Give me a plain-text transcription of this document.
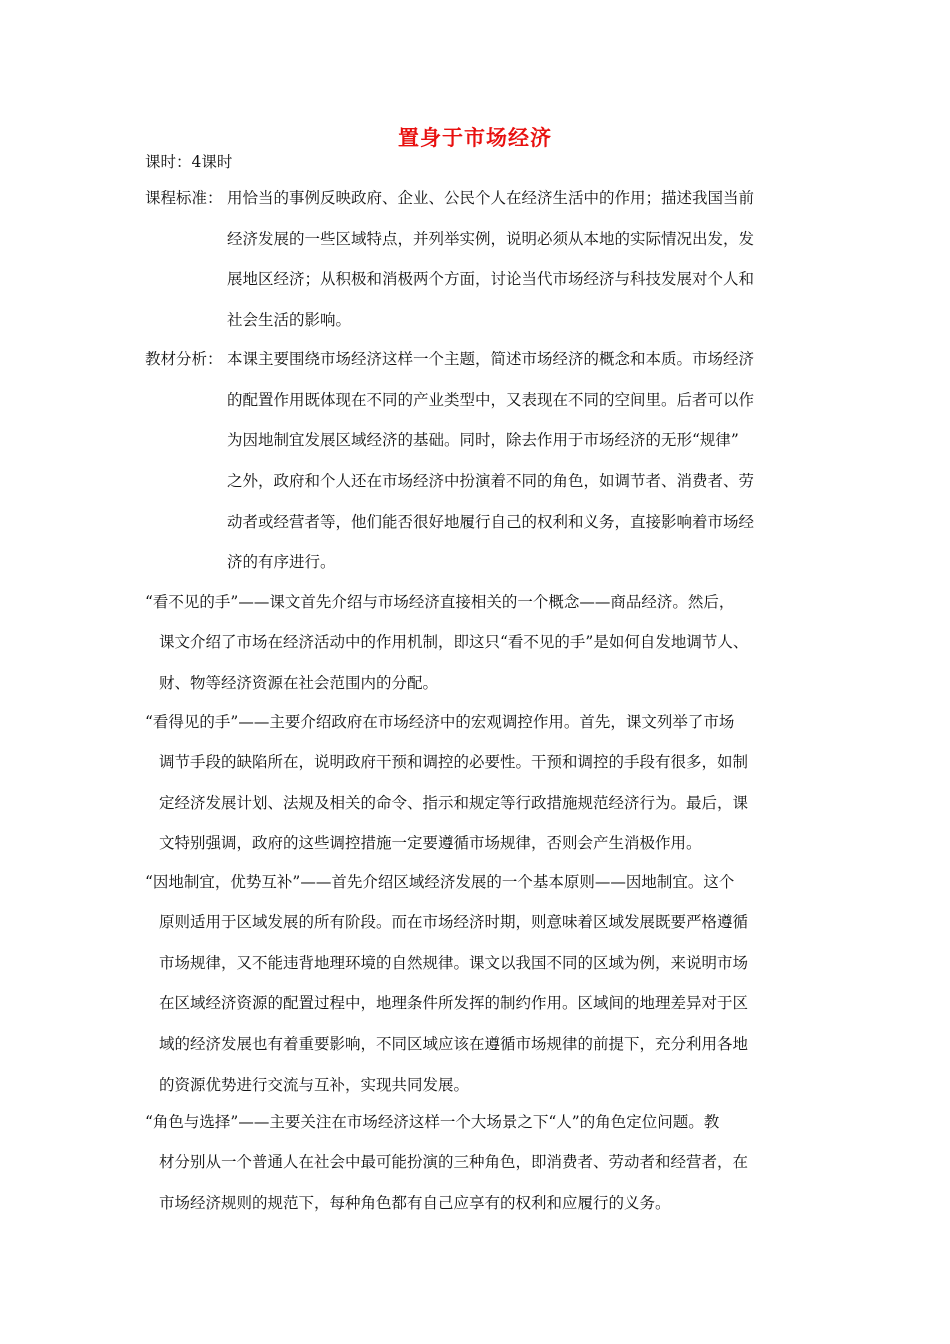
置身于市场经济
课时：4课时
课程标准： 用恰当的事例反映政府、企业、公民个人在经济生活中的作用；描述我国当前
经济发展的一些区域特点，并列举实例，说明必须从本地的实际情况出发，发
展地区经济；从积极和消极两个方面，讨论当代市场经济与科技发展对个人和
社会生活的影响。
教材分析： 本课主要围绕市场经济这样一个主题，简述市场经济的概念和本质。市场经济
的配置作用既体现在不同的产业类型中，又表现在不同的空间里。后者可以作
为因地制宜发展区域经济的基础。同时，除去作用于市场经济的无形“规律”
之外，政府和个人还在市场经济中扮演着不同的角色，如调节者、消费者、劳
动者或经营者等，他们能否很好地履行自己的权利和义务，直接影响着市场经
济的有序进行。
“看不见的手”——课文首先介绍与市场经济直接相关的一个概念——商品经济。然后，
课文介绍了市场在经济活动中的作用机制，即这只“看不见的手”是如何自发地调节人、
财、物等经济资源在社会范围内的分配。
“看得见的手”——主要介绍政府在市场经济中的宏观调控作用。首先，课文列举了市场
调节手段的缺陷所在，说明政府干预和调控的必要性。干预和调控的手段有很多，如制
定经济发展计划、法规及相关的命令、指示和规定等行政措施规范经济行为。最后，课
文特别强调，政府的这些调控措施一定要遵循市场规律，否则会产生消极作用。
“因地制宜，优势互补”——首先介绍区域经济发展的一个基本原则——因地制宜。这个
原则适用于区域发展的所有阶段。而在市场经济时期，则意味着区域发展既要严格遵循
市场规律，又不能违背地理环境的自然规律。课文以我国不同的区域为例，来说明市场
在区域经济资源的配置过程中，地理条件所发挥的制约作用。区域间的地理差异对于区
域的经济发展也有着重要影响，不同区域应该在遵循市场规律的前提下，充分利用各地
的资源优势进行交流与互补，实现共同发展。
“角色与选择”——主要关注在市场经济这样一个大场景之下“人”的角色定位问题。教
材分别从一个普通人在社会中最可能扮演的三种角色，即消费者、劳动者和经营者，在
市场经济规则的规范下，每种角色都有自己应享有的权利和应履行的义务。
